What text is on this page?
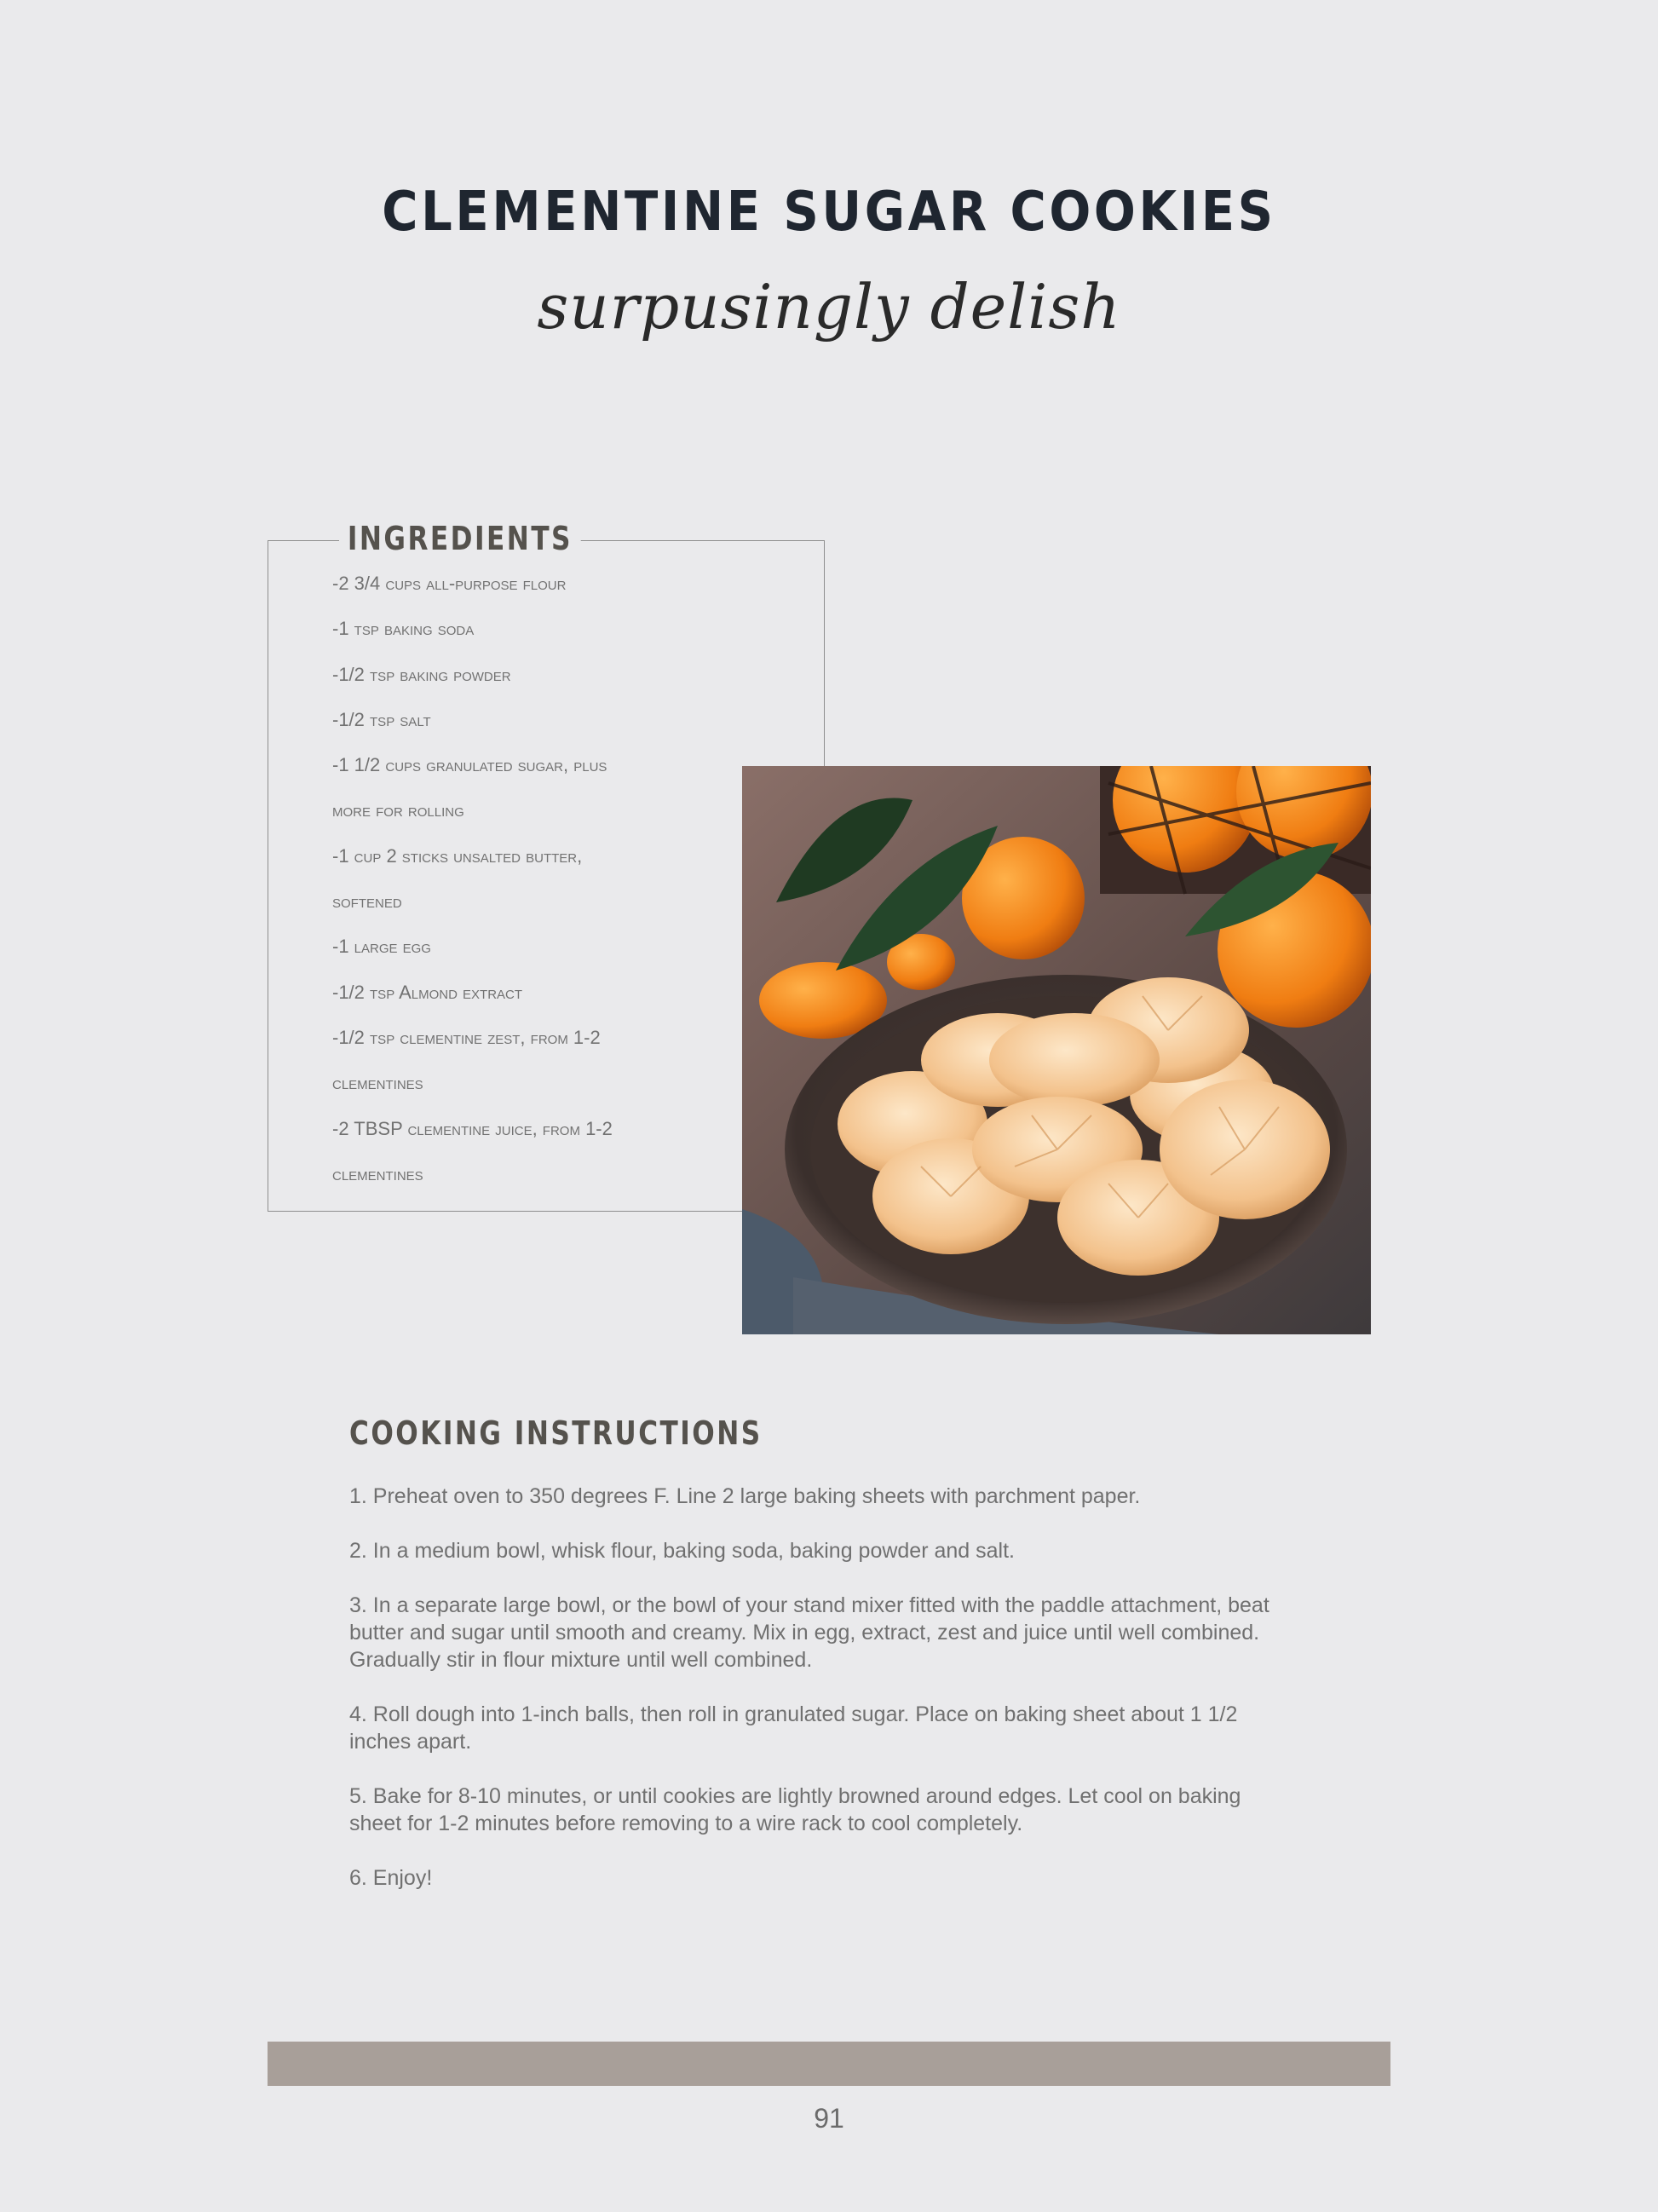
CLEMENTINE SUGAR COOKIES
surpusingly delish
INGREDIENTS
-2 3/4 cups all-purpose flour
-1 tsp baking soda
-1/2 tsp baking powder
-1/2 tsp salt
-1 1/2 cups granulated sugar, plus
more for rolling
-1 cup 2 sticks unsalted butter,
softened
-1 large egg
-1/2 tsp Almond extract
-1/2 tsp clementine zest, from 1-2
clementines
-2 TBSP clementine juice, from 1-2
clementines
COOKING INSTRUCTIONS
1. Preheat oven to 350 degrees F. Line 2 large baking sheets with parchment paper.
2. In a medium bowl, whisk flour, baking soda, baking powder and salt.
3. In a separate large bowl, or the bowl of your stand mixer fitted with the paddle attachment, beat butter and sugar until smooth and creamy. Mix in egg, extract, zest and juice until well combined. Gradually stir in flour mixture until well combined.
4. Roll dough into 1-inch balls, then roll in granulated sugar. Place on baking sheet about 1 1/2 inches apart.
5. Bake for 8-10 minutes, or until cookies are lightly browned around edges. Let cool on baking sheet for 1-2 minutes before removing to a wire rack to cool completely.
6. Enjoy!
91
